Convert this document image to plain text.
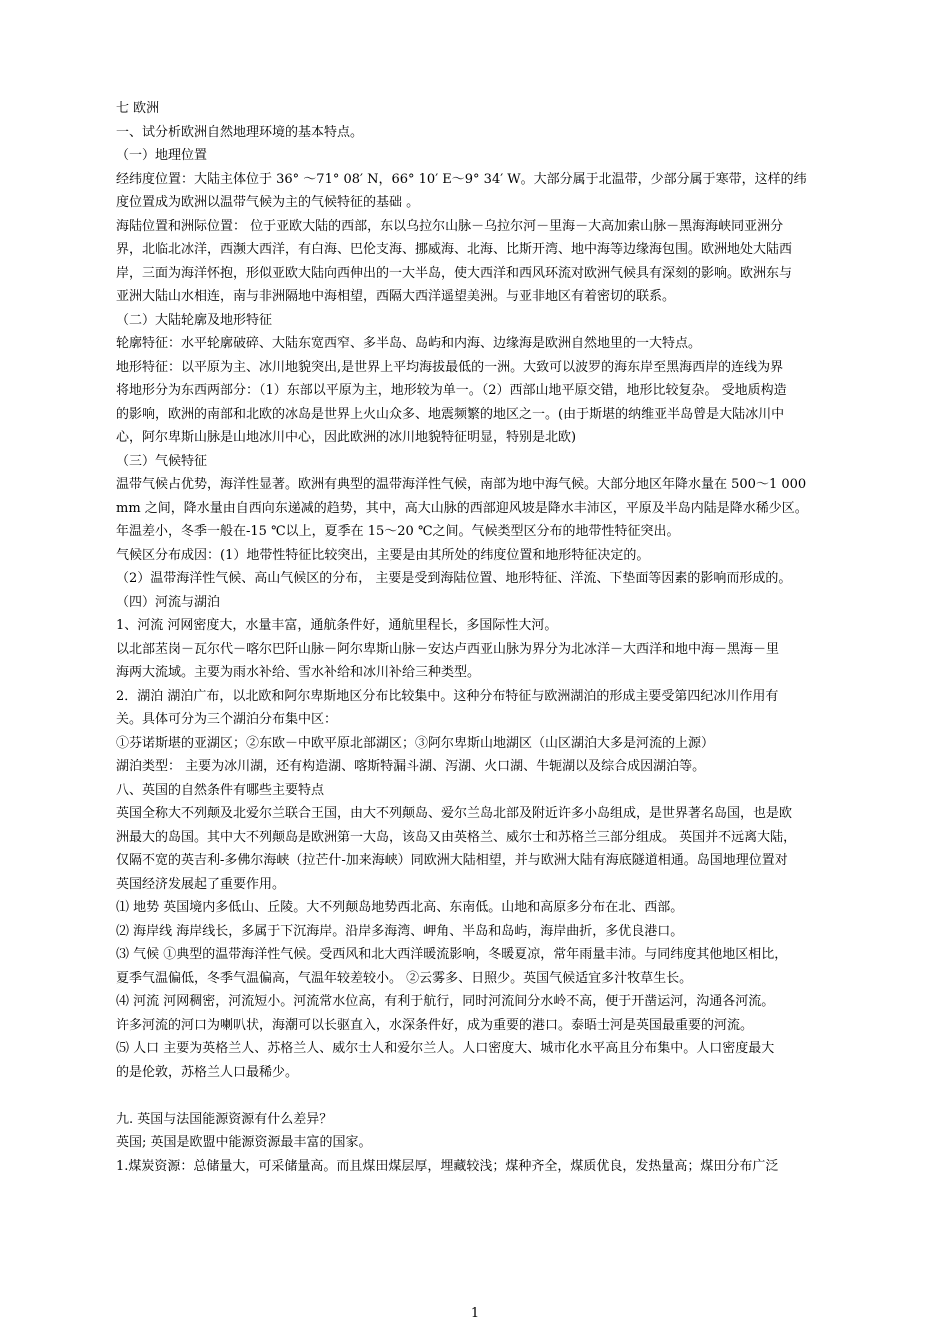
七 欧洲
一、试分析欧洲自然地理环境的基本特点。
（一）地理位置
经纬度位置：大陆主体位于 36° ～71° 08′ N，66° 10′ E～9° 34′ W。大部分属于北温带，少部分属于寒带，这样的纬
度位置成为欧洲以温带气候为主的气候特征的基础 。
海陆位置和洲际位置： 位于亚欧大陆的西部，东以乌拉尔山脉－乌拉尔河－里海－大高加索山脉－黑海海峡同亚洲分
界，北临北冰洋，西濒大西洋，有白海、巴伦支海、挪威海、北海、比斯开湾、地中海等边缘海包围。欧洲地处大陆西
岸，三面为海洋怀抱，形似亚欧大陆向西伸出的一大半岛，使大西洋和西风环流对欧洲气候具有深刻的影响。欧洲东与
亚洲大陆山水相连，南与非洲隔地中海相望，西隔大西洋遥望美洲。与亚非地区有着密切的联系。
（二）大陆轮廓及地形特征
轮廓特征：水平轮廓破碎、大陆东宽西窄、多半岛、岛屿和内海、边缘海是欧洲自然地里的一大特点。
地形特征：以平原为主、冰川地貌突出,是世界上平均海拔最低的一洲。大致可以波罗的海东岸至黑海西岸的连线为界
将地形分为东西两部分：（1）东部以平原为主，地形较为单一。（2）西部山地平原交错，地形比较复杂。 受地质构造
的影响，欧洲的南部和北欧的冰岛是世界上火山众多、地震频繁的地区之一。(由于斯堪的纳维亚半岛曾是大陆冰川中
心，阿尔卑斯山脉是山地冰川中心，因此欧洲的冰川地貌特征明显，特别是北欧)
（三）气候特征
温带气候占优势，海洋性显著。欧洲有典型的温带海洋性气候，南部为地中海气候。大部分地区年降水量在 500～1 000
mm 之间，降水量由自西向东递减的趋势，其中，高大山脉的西部迎风坡是降水丰沛区，平原及半岛内陆是降水稀少区。
年温差小，冬季一般在-15 ℃以上，夏季在 15～20 ℃之间。气候类型区分布的地带性特征突出。
气候区分布成因：(1）地带性特征比较突出，主要是由其所处的纬度位置和地形特征决定的。
（2）温带海洋性气候、高山气候区的分布， 主要是受到海陆位置、地形特征、洋流、下垫面等因素的影响而形成的。
（四）河流与湖泊
1、河流 河网密度大，水量丰富，通航条件好，通航里程长，多国际性大河。
以北部苤岗－瓦尔代－喀尔巴阡山脉－阿尔卑斯山脉－安达卢西亚山脉为界分为北冰洋－大西洋和地中海－黑海－里
海两大流域。主要为雨水补给、雪水补给和冰川补给三种类型。
2．湖泊 湖泊广布，以北欧和阿尔卑斯地区分布比较集中。这种分布特征与欧洲湖泊的形成主要受第四纪冰川作用有
关。具体可分为三个湖泊分布集中区：
①芬诺斯堪的亚湖区；②东欧－中欧平原北部湖区；③阿尔卑斯山地湖区（山区湖泊大多是河流的上源）
湖泊类型： 主要为冰川湖，还有构造湖、喀斯特漏斗湖、泻湖、火口湖、牛轭湖以及综合成因湖泊等。
八、英国的自然条件有哪些主要特点
英国全称大不列颠及北爱尔兰联合王国，由大不列颠岛、爱尔兰岛北部及附近许多小岛组成，是世界著名岛国，也是欧
洲最大的岛国。其中大不列颠岛是欧洲第一大岛，该岛又由英格兰、威尔士和苏格兰三部分组成。 英国并不远离大陆，
仅隔不宽的英吉利-多佛尔海峡（拉芒什-加来海峡）同欧洲大陆相望，并与欧洲大陆有海底隧道相通。岛国地理位置对
英国经济发展起了重要作用。
⑴ 地势 英国境内多低山、丘陵。大不列颠岛地势西北高、东南低。山地和高原多分布在北、西部。
⑵ 海岸线 海岸线长，多属于下沉海岸。沿岸多海湾、岬角、半岛和岛屿，海岸曲折，多优良港口。
⑶ 气候 ①典型的温带海洋性气候。受西风和北大西洋暖流影响，冬暖夏凉，常年雨量丰沛。与同纬度其他地区相比，
夏季气温偏低，冬季气温偏高，气温年较差较小。 ②云雾多、日照少。英国气候适宜多汁牧草生长。
⑷ 河流 河网稠密，河流短小。河流常水位高，有利于航行，同时河流间分水岭不高，便于开凿运河，沟通各河流。
许多河流的河口为喇叭状，海潮可以长驱直入，水深条件好，成为重要的港口。泰晤士河是英国最重要的河流。
⑸ 人口 主要为英格兰人、苏格兰人、威尔士人和爱尔兰人。人口密度大、城市化水平高且分布集中。人口密度最大
的是伦敦，苏格兰人口最稀少。
九. 英国与法国能源资源有什么差异？
英国; 英国是欧盟中能源资源最丰富的国家。
1.煤炭资源：总储量大，可采储量高。而且煤田煤层厚，埋藏较浅；煤种齐全，煤质优良，发热量高；煤田分布广泛
1
